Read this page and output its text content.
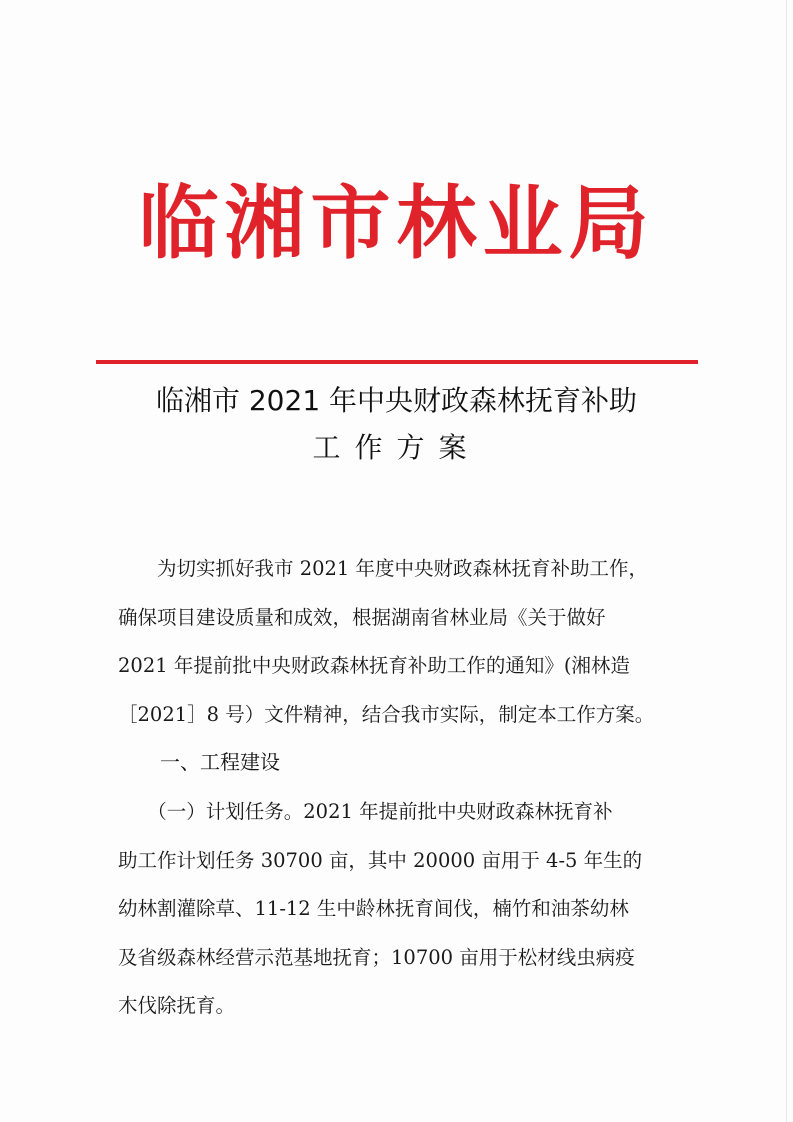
临湘市林业局
临湘市 2021 年中央财政森林抚育补助
工作方案
　　为切实抓好我市 2021 年度中央财政森林抚育补助工作，
确保项目建设质量和成效，根据湖南省林业局《关于做好
2021 年提前批中央财政森林抚育补助工作的通知》(湘林造
［2021］8 号）文件精神，结合我市实际，制定本工作方案。
一、工程建设
　　（一）计划任务。2021 年提前批中央财政森林抚育补
助工作计划任务 30700 亩，其中 20000 亩用于 4-5 年生的
幼林割灌除草、11-12 生中龄林抚育间伐，楠竹和油茶幼林
及省级森林经营示范基地抚育；10700 亩用于松材线虫病疫
木伐除抚育。
